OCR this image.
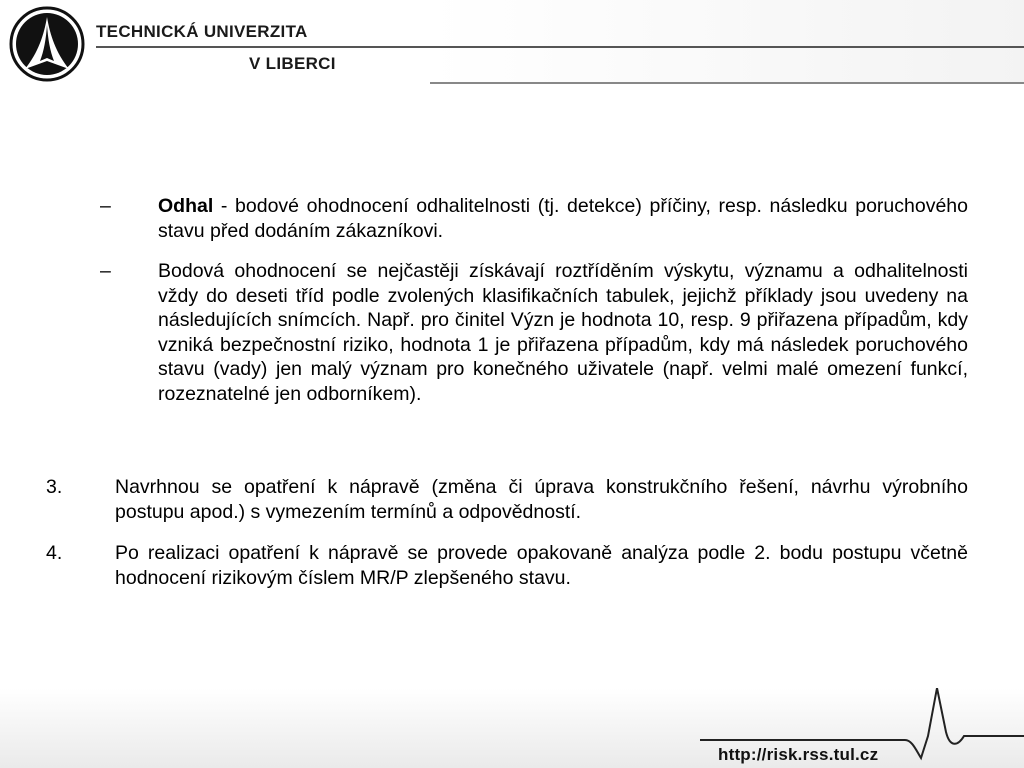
TECHNICKÁ UNIVERZITA
V LIBERCI
– Odhal - bodové ohodnocení odhalitelnosti (tj. detekce) příčiny, resp. následku poruchového stavu před dodáním zákazníkovi.
– Bodová ohodnocení se nejčastěji získávají roztříděním výskytu, významu a odhalitelnosti vždy do deseti tříd podle zvolených klasifikačních tabulek, jejichž příklady jsou uvedeny na následujících snímcích. Např. pro činitel Význ je hodnota 10, resp. 9 přiřazena případům, kdy vzniká bezpečnostní riziko, hodnota 1 je přiřazena případům, kdy má následek poruchového stavu (vady) jen malý význam pro konečného uživatele (např. velmi malé omezení funkcí, rozeznatelné jen odborníkem).
3.	Navrhnou se opatření k nápravě (změna či úprava konstrukčního řešení, návrhu výrobního postupu apod.) s vymezením termínů a odpovědností.
4.	Po realizaci opatření k nápravě se provede opakovaně analýza podle 2. bodu postupu včetně hodnocení rizikovým číslem MR/P zlepšeného stavu.
http://risk.rss.tul.cz
